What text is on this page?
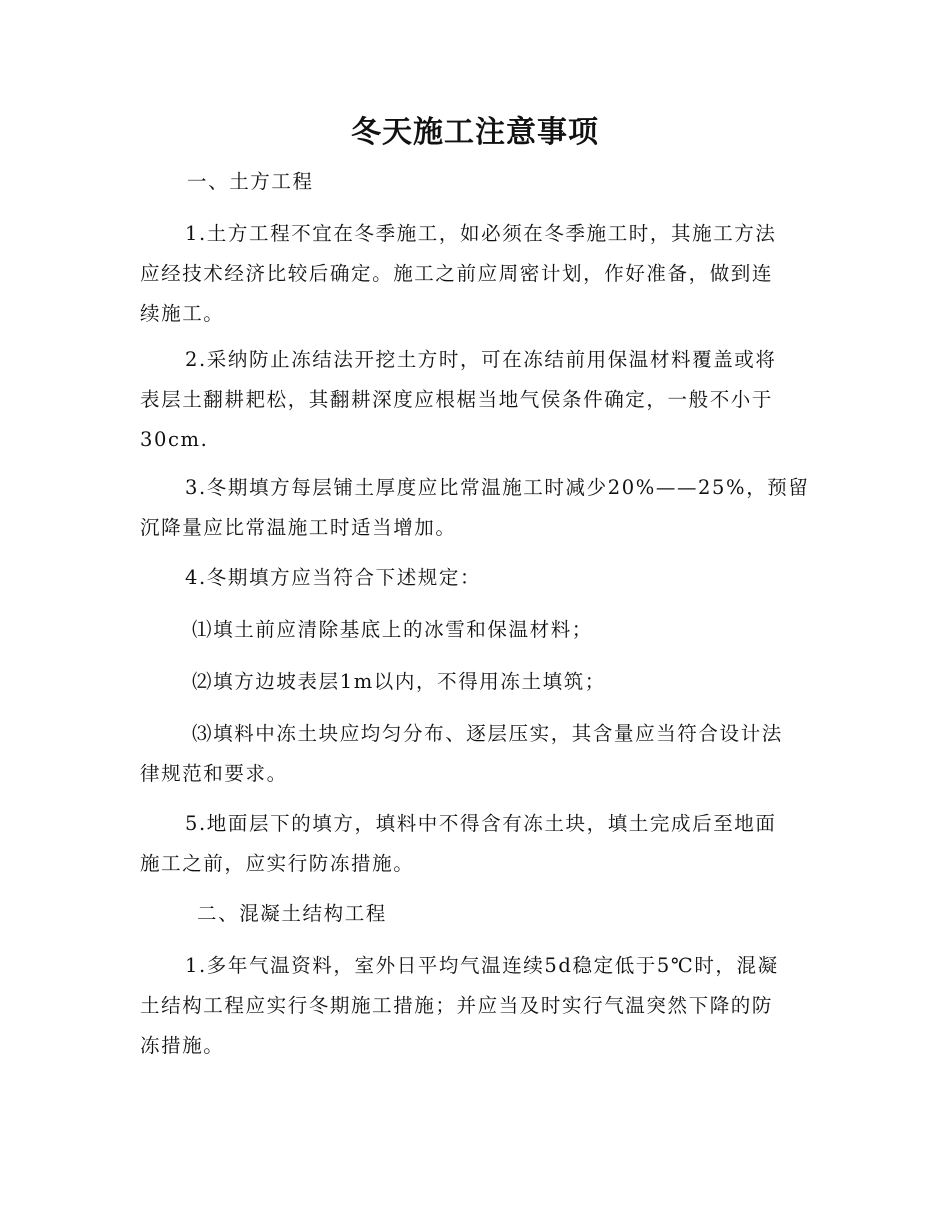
冬天施工注意事项
一、土方工程
1.土方工程不宜在冬季施工，如必须在冬季施工时，其施工方法
应经技术经济比较后确定。施工之前应周密计划，作好准备，做到连
续施工。
2.采纳防止冻结法开挖土方时，可在冻结前用保温材料覆盖或将
表层土翻耕耙松，其翻耕深度应根椐当地气侯条件确定，一般不小于
30cm.
3.冬期填方每层铺土厚度应比常温施工时减少20%——25%，预留
沉降量应比常温施工时适当增加。
4.冬期填方应当符合下述规定：
⑴填土前应清除基底上的冰雪和保温材料；
⑵填方边坡表层1m以内，不得用冻土填筑；
⑶填料中冻土块应均匀分布、逐层压实，其含量应当符合设计法
律规范和要求。
5.地面层下的填方，填料中不得含有冻土块，填土完成后至地面
施工之前，应实行防冻措施。
二、混凝土结构工程
1.多年气温资料，室外日平均气温连续5d稳定低于5℃时，混凝
土结构工程应实行冬期施工措施；并应当及时实行气温突然下降的防
冻措施。
